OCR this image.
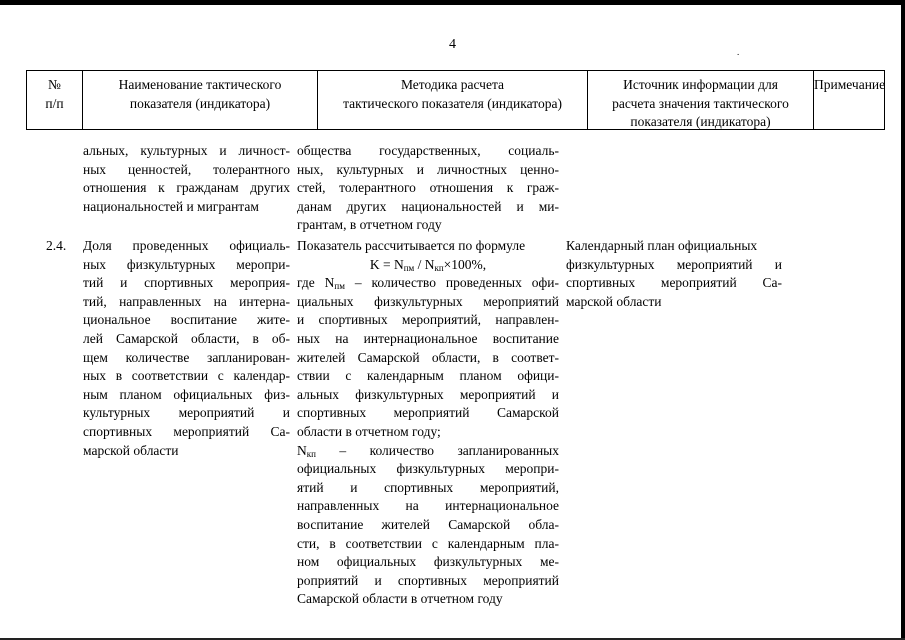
4	.
№
п/п
Наименование тактического
показателя (индикатора)
Методика расчета
тактического показателя (индикатора)
Источник информации для
расчета значения тактического
показателя (индикатора)
Примечание
альных, культурных и личност-
ных ценностей, толерантного
отношения к гражданам других
национальностей и мигрантам
общества государственных, социаль-
ных, культурных и личностных ценно-
стей, толерантного отношения к граж-
данам других национальностей и ми-
грантам, в отчетном году
2.4. Доля проведенных официаль-
ных физкультурных меропри-
тий и спортивных мероприя-
тий, направленных на интерна-
циональное воспитание жите-
лей Самарской области, в об-
щем количестве запланирован-
ных в соответствии с календар-
ным планом официальных физ-
культурных мероприятий и
спортивных мероприятий Са-
марской области
Показатель рассчитывается по формуле
$K = N_{пм} / N_{кп}\times 100\%$,
где $N_{пм}$ – количество проведенных офи-
циальных физкультурных мероприятий
и спортивных мероприятий, направлен-
ных на интернациональное воспитание
жителей Самарской области, в соответ-
ствии с календарным планом офици-
альных физкультурных мероприятий и
спортивных мероприятий Самарской
области в отчетном году;
$N_{кп}$ – количество запланированных
официальных физкультурных меропри-
ятий и спортивных мероприятий,
направленных на интернациональное
воспитание жителей Самарской обла-
сти, в соответствии с календарным пла-
ном официальных физкультурных ме-
роприятий и спортивных мероприятий
Самарской области в отчетном году
Календарный план официальных
физкультурных мероприятий и
спортивных мероприятий Са-
марской области
